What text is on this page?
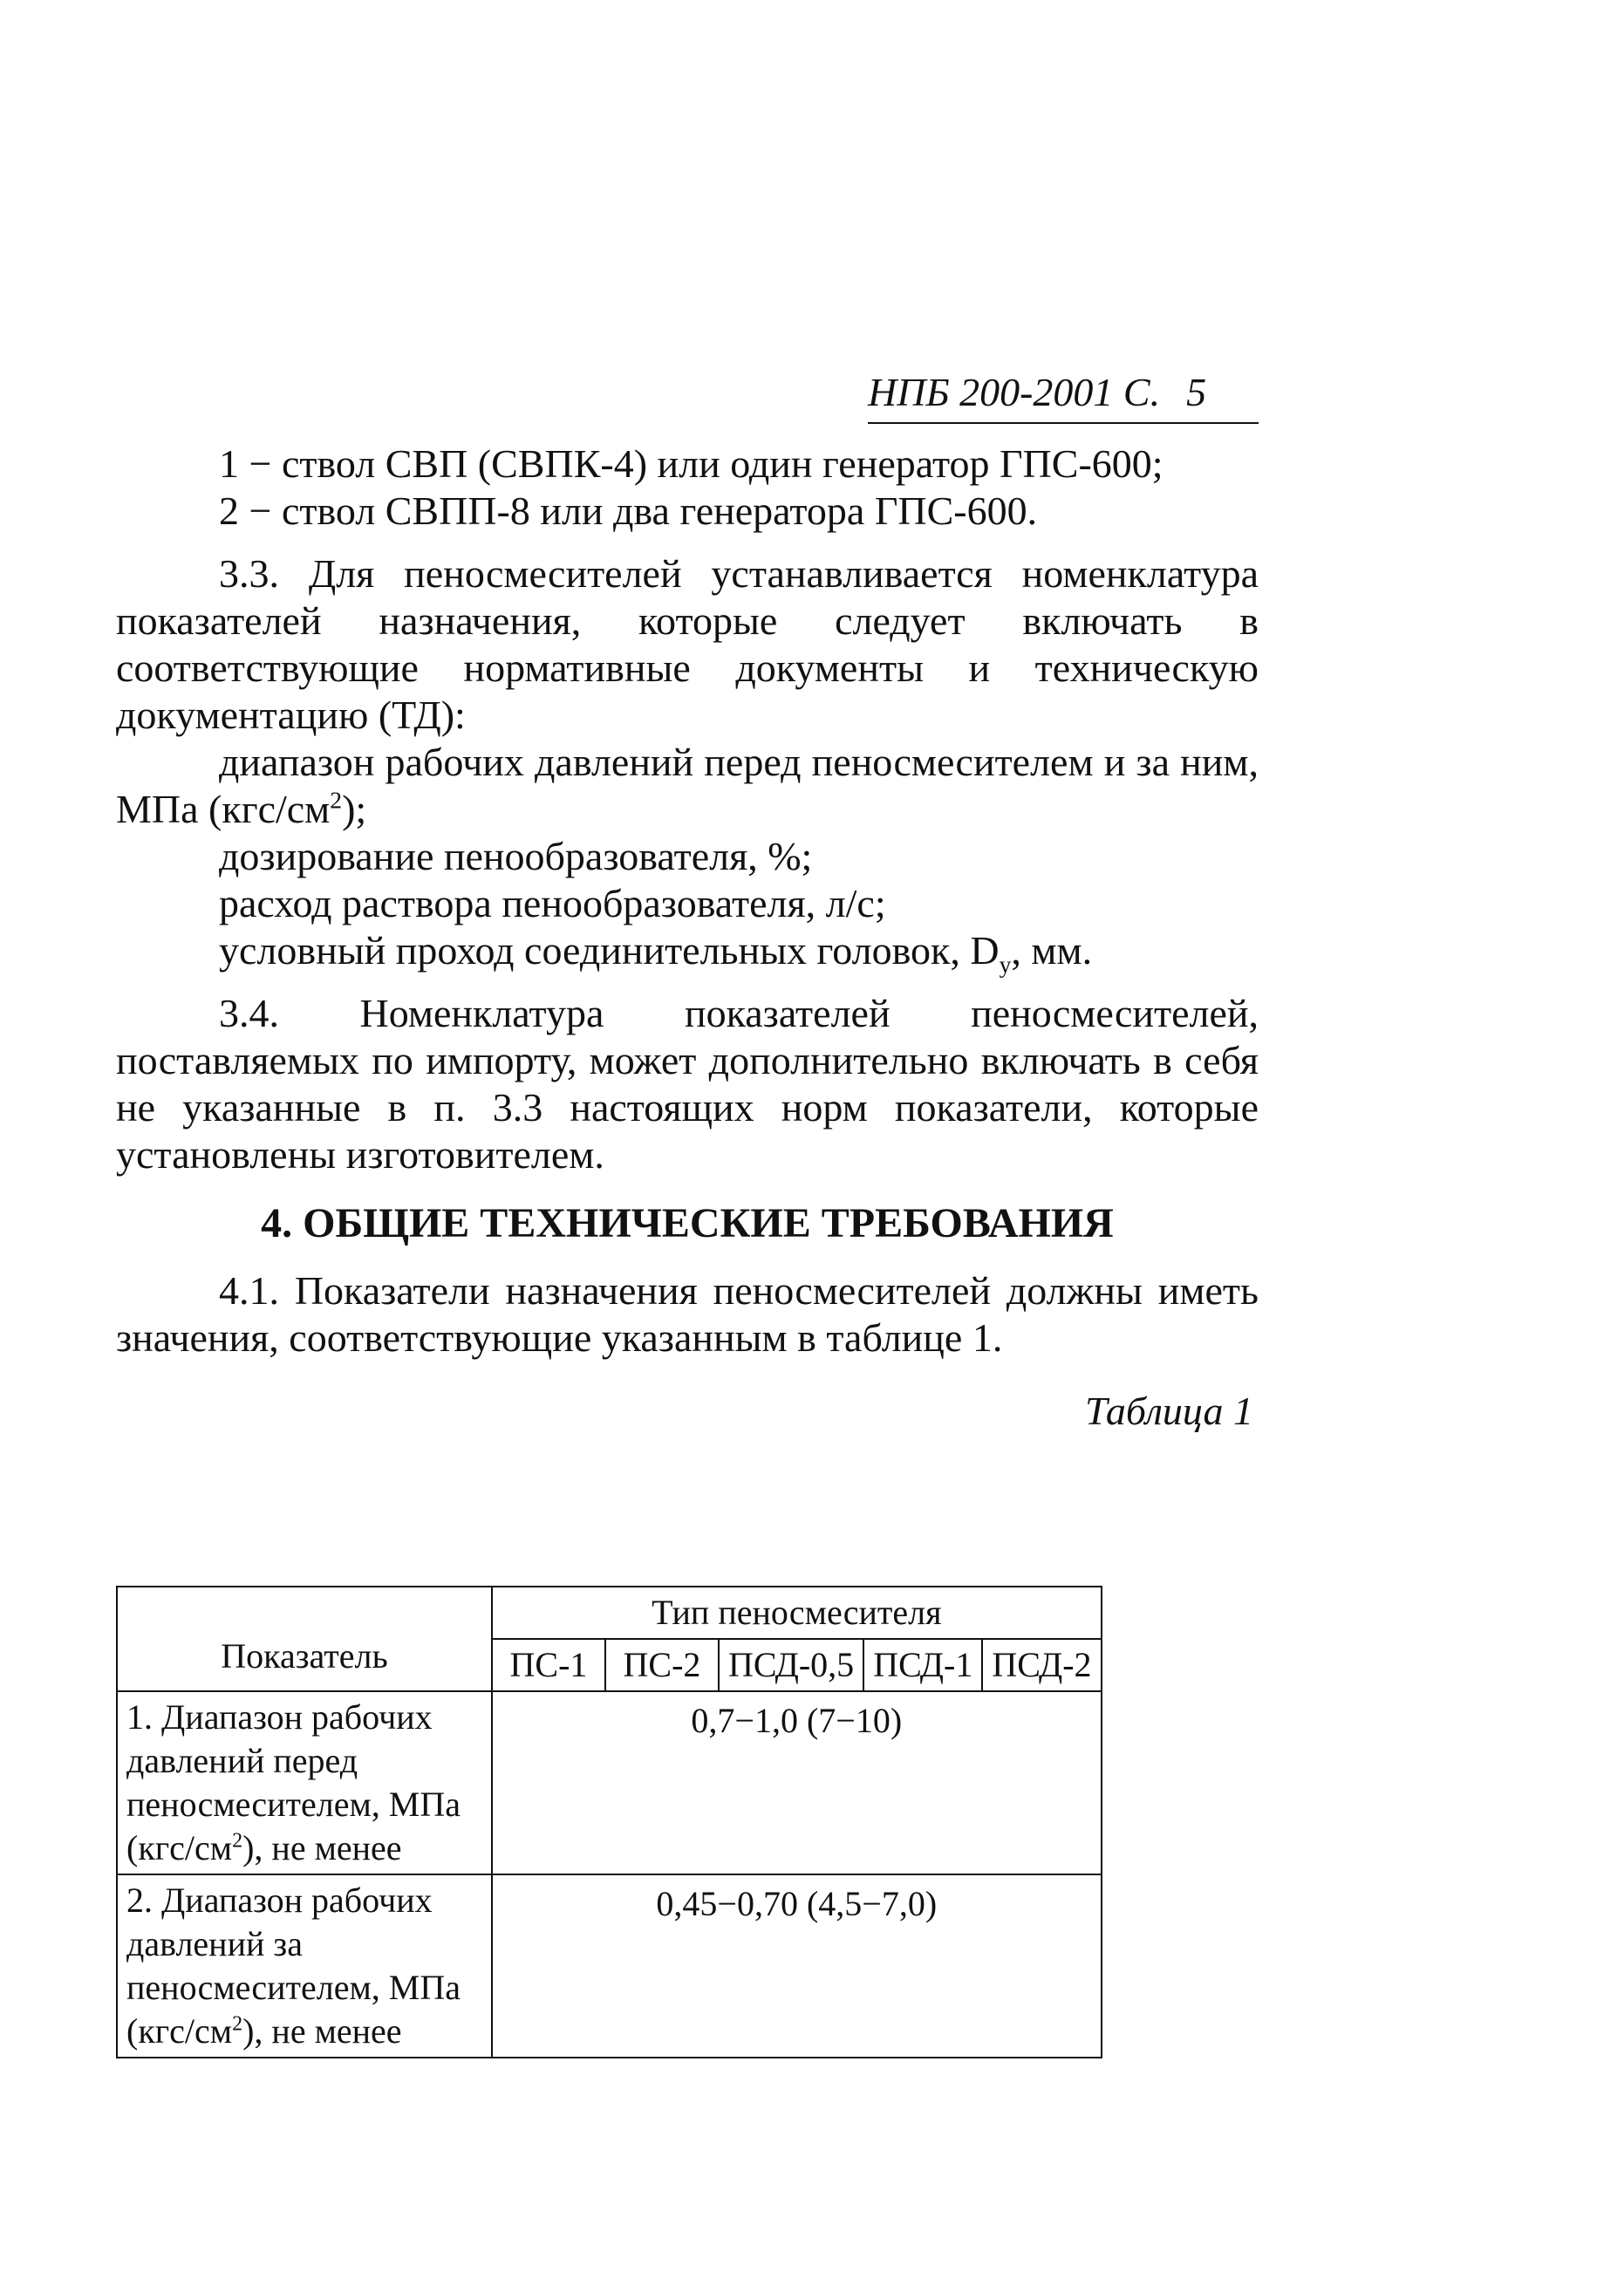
НПБ 200-2001 С. 5

1 − ствол СВП (СВПК-4) или один генератор ГПС-600;

2 − ствол СВПП-8 или два генератора ГПС-600.

3.3. Для пеносмесителей устанавливается номенклатура показателей назначения, которые следует включать в соответствующие нормативные документы и техническую документацию (ТД):

диапазон рабочих давлений перед пеносмесителем и за ним, МПа $(кгс/см^2)$;

дозирование пенообразователя, %;

расход раствора пенообразователя, л/с;

условный проход соединительных головок, $D_у$, мм.

3.4. Номенклатура показателей пеносмесителей, поставляемых по импорту, может дополнительно включать в себя не указанные в п. 3.3 настоящих норм показатели, которые установлены изготовителем.

4. ОБЩИЕ ТЕХНИЧЕСКИЕ ТРЕБОВАНИЯ

4.1. Показатели назначения пеносмесителей должны иметь значения, соответствующие указанным в таблице 1.

Таблица 1
Показатель	Тип пеносмесителя				
	ПС-1	ПС-2	ПСД-0,5	ПСД-1	ПСД-2
1. Диапазон рабочих давлений перед пеносмесителем, МПа $(кгс/см^2)$, не менее	0,7−1,0 (7−10)				
2. Диапазон рабочих давлений за пеносмесителем, МПа $(кгс/см^2)$, не менее	0,45−0,70 (4,5−7,0)				
